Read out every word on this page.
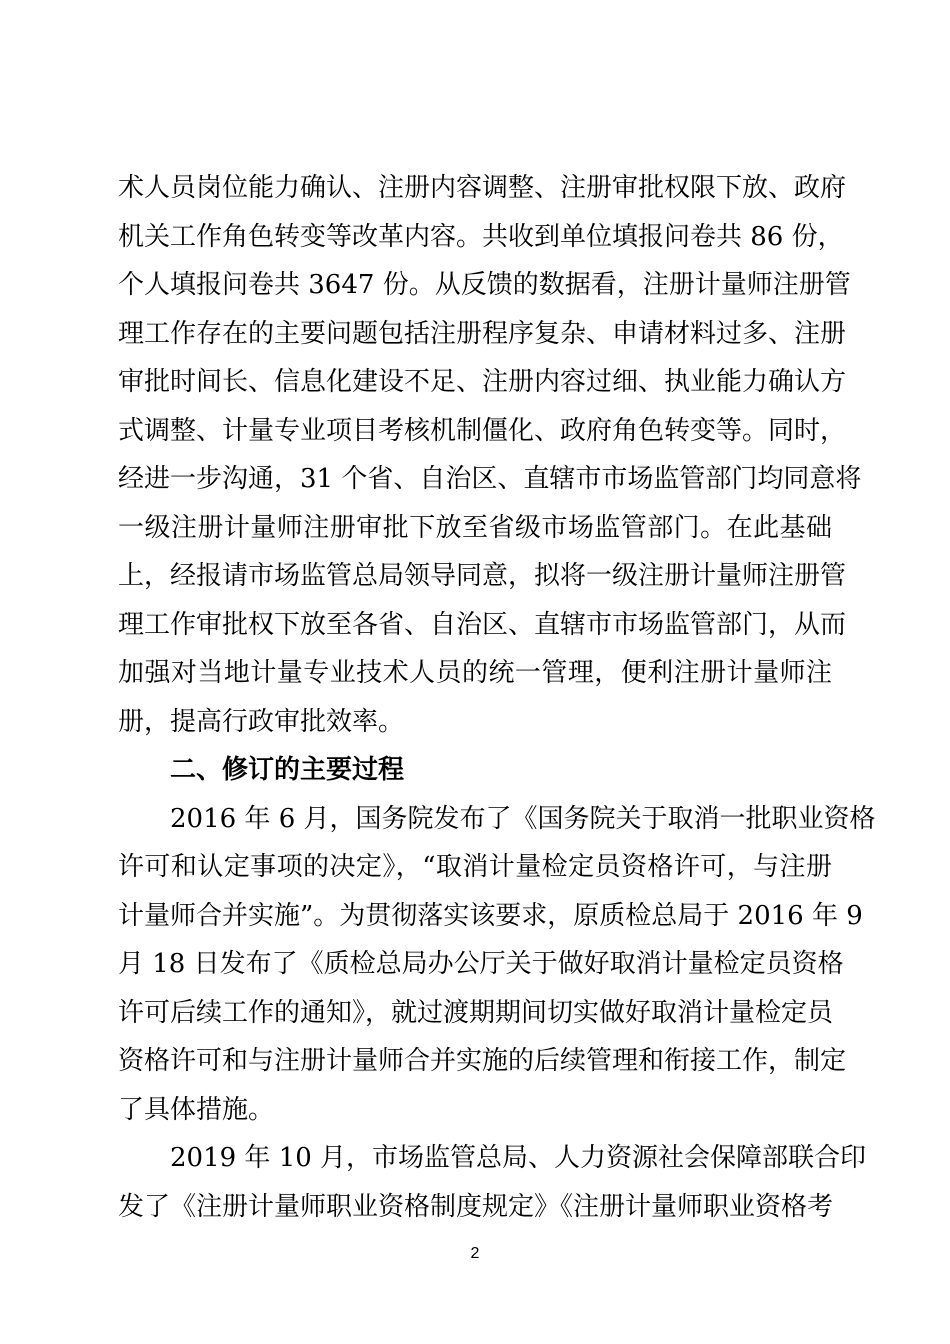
术人员岗位能力确认、注册内容调整、注册审批权限下放、政府
机关工作角色转变等改革内容。共收到单位填报问卷共 86 份，
个人填报问卷共 3647 份。从反馈的数据看，注册计量师注册管
理工作存在的主要问题包括注册程序复杂、申请材料过多、注册
审批时间长、信息化建设不足、注册内容过细、执业能力确认方
式调整、计量专业项目考核机制僵化、政府角色转变等。同时，
经进一步沟通，31 个省、自治区、直辖市市场监管部门均同意将
一级注册计量师注册审批下放至省级市场监管部门。在此基础
上，经报请市场监管总局领导同意，拟将一级注册计量师注册管
理工作审批权下放至各省、自治区、直辖市市场监管部门，从而
加强对当地计量专业技术人员的统一管理，便利注册计量师注
册，提高行政审批效率。
二、修订的主要过程
2016 年 6 月，国务院发布了《国务院关于取消一批职业资格
许可和认定事项的决定》，“取消计量检定员资格许可，与注册
计量师合并实施”。为贯彻落实该要求，原质检总局于 2016 年 9
月 18 日发布了《质检总局办公厅关于做好取消计量检定员资格
许可后续工作的通知》，就过渡期期间切实做好取消计量检定员
资格许可和与注册计量师合并实施的后续管理和衔接工作，制定
了具体措施。
2019 年 10 月，市场监管总局、人力资源社会保障部联合印
发了《注册计量师职业资格制度规定》《注册计量师职业资格考
2
